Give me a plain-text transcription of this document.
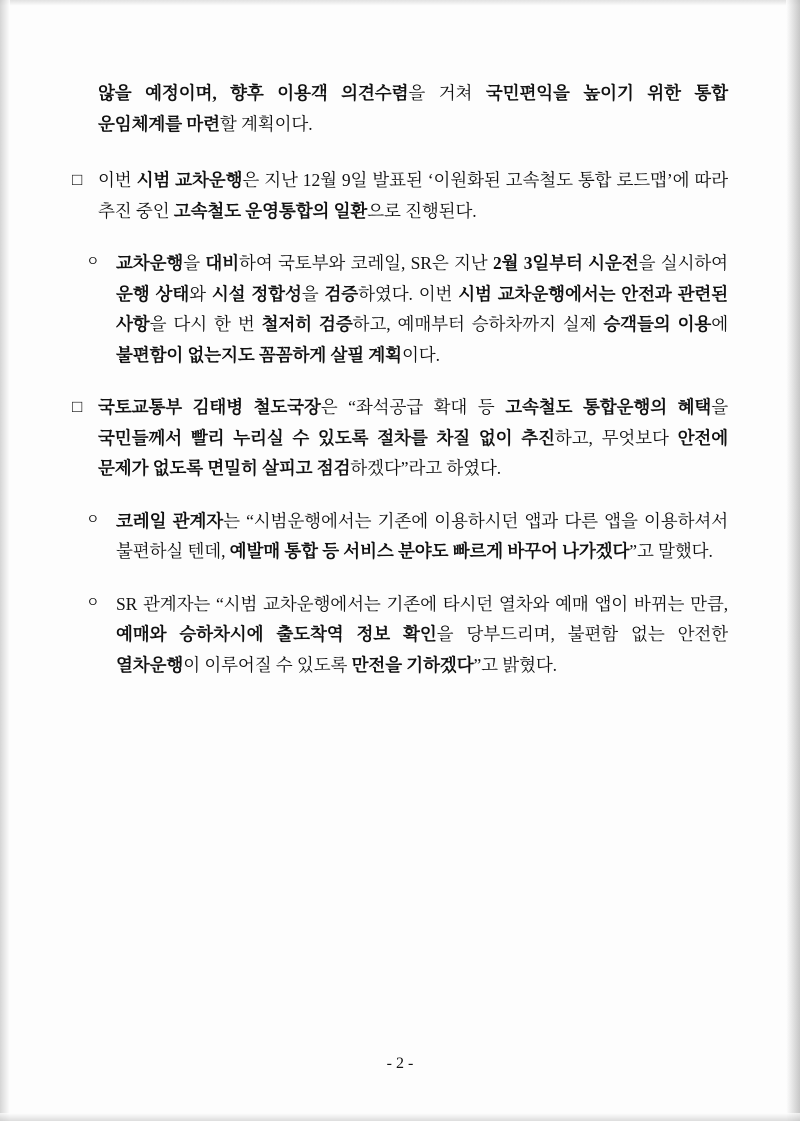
않을 예정이며, 향후 이용객 의견수렴을 거쳐 국민편익을 높이기 위한 통합 운임체계를 마련할 계획이다.
□ 이번 시범 교차운행은 지난 12월 9일 발표된 ‘이원화된 고속철도 통합 로드맵’에 따라 추진 중인 고속철도 운영통합의 일환으로 진행된다.
ㅇ 교차운행을 대비하여 국토부와 코레일, SR은 지난 2월 3일부터 시운전을 실시하여 운행 상태와 시설 정합성을 검증하였다. 이번 시범 교차운행에서는 안전과 관련된 사항을 다시 한 번 철저히 검증하고, 예매부터 승하차까지 실제 승객들의 이용에 불편함이 없는지도 꼼꼼하게 살필 계획이다.
□ 국토교통부 김태병 철도국장은 “좌석공급 확대 등 고속철도 통합운행의 혜택을 국민들께서 빨리 누리실 수 있도록 절차를 차질 없이 추진하고, 무엇보다 안전에 문제가 없도록 면밀히 살피고 점검하겠다”라고 하였다.
ㅇ 코레일 관계자는 “시범운행에서는 기존에 이용하시던 앱과 다른 앱을 이용하셔서 불편하실 텐데, 예발매 통합 등 서비스 분야도 빠르게 바꾸어 나가겠다”고 말했다.
ㅇ SR 관계자는 “시범 교차운행에서는 기존에 타시던 열차와 예매 앱이 바뀌는 만큼, 예매와 승하차시에 출도착역 정보 확인을 당부드리며, 불편함 없는 안전한 열차운행이 이루어질 수 있도록 만전을 기하겠다”고 밝혔다.
- 2 -
